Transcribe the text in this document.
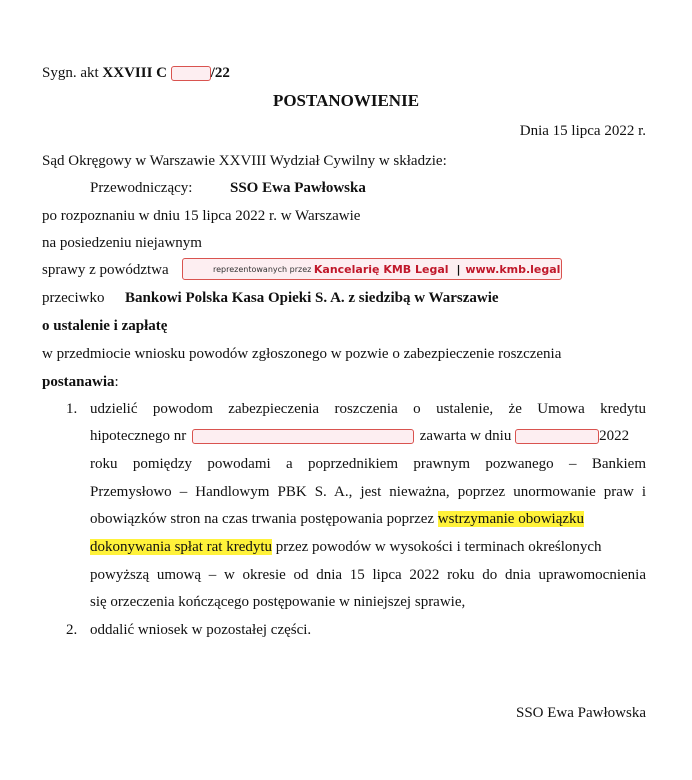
Sygn. akt XXVIII C	/22
POSTANOWIENIE
Dnia 15 lipca 2022 r.
Sąd Okręgowy w Warszawie XXVIII Wydział Cywilny w składzie:
Przewodniczący:	SSO Ewa Pawłowska
po rozpoznaniu w dniu 15 lipca 2022 r. w Warszawie
na posiedzeniu niejawnym
sprawy z powództwa	reprezentowanych przez Kancelarię KMB Legal | www.kmb.legal
przeciwko Bankowi Polska Kasa Opieki S. A. z siedzibą w Warszawie
o ustalenie i zapłatę
w przedmiocie wniosku powodów zgłoszonego w pozwie o zabezpieczenie roszczenia
postanawia:
1. udzielić powodom zabezpieczenia roszczenia o ustalenie, że Umowa kredytu
hipotecznego nr	zawarta w dniu	2022
roku pomiędzy powodami a poprzednikiem prawnym pozwanego – Bankiem
Przemysłowo – Handlowym PBK S. A., jest nieważna, poprzez unormowanie praw i
obowiązków stron na czas trwania postępowania poprzez wstrzymanie obowiązku
dokonywania spłat rat kredytu przez powodów w wysokości i terminach określonych
powyższą umową – w okresie od dnia 15 lipca 2022 roku do dnia uprawomocnienia
się orzeczenia kończącego postępowanie w niniejszej sprawie,
2. oddalić wniosek w pozostałej części.
SSO Ewa Pawłowska
